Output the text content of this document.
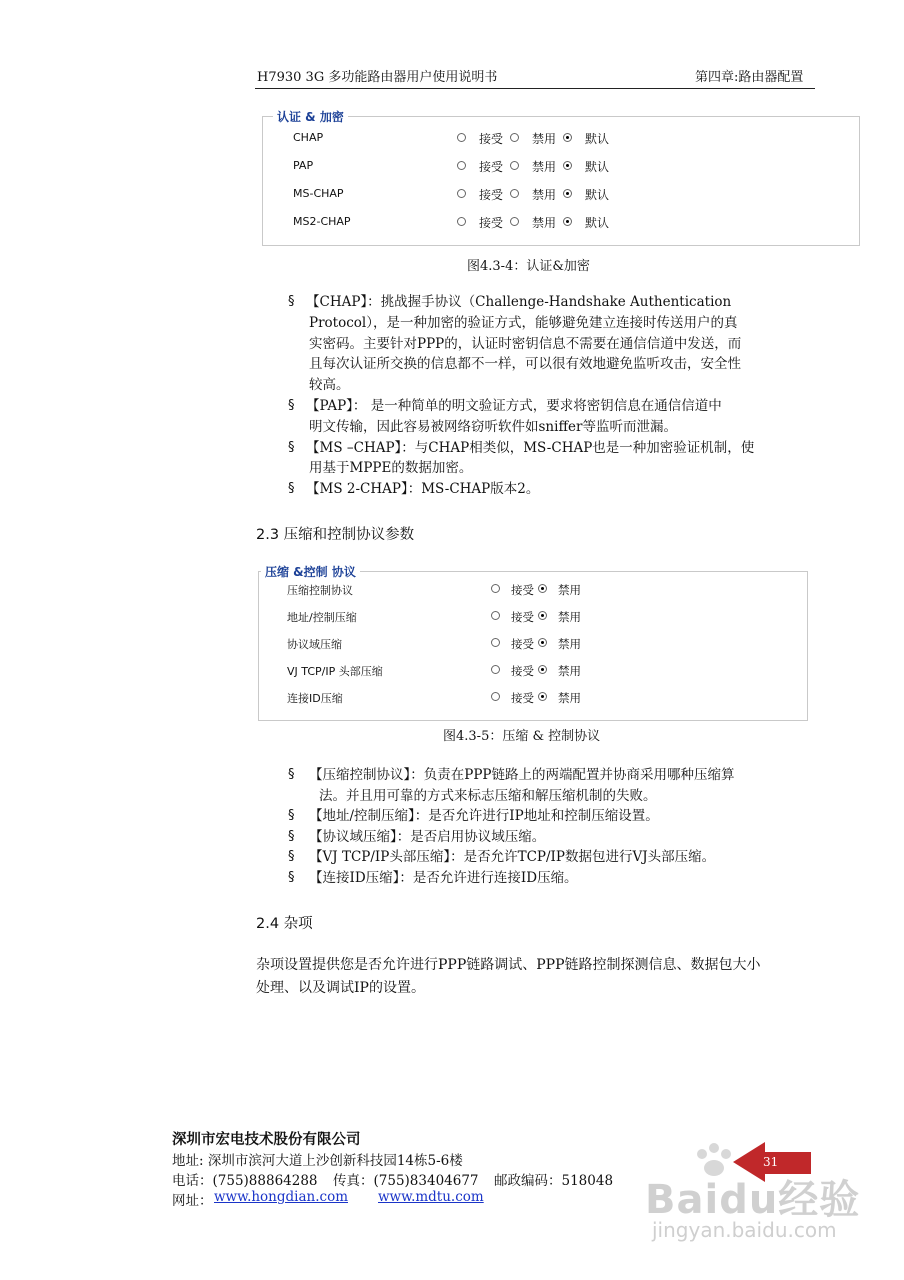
H7930 3G 多功能路由器用户使用说明书	第四章:路由器配置
认证 & 加密
CHAP	接受 禁用 默认
PAP	接受 禁用 默认
MS-CHAP	接受 禁用 默认
MS2-CHAP	接受 禁用 默认
图4.3-4：认证&加密
§ 【CHAP】：挑战握手协议（Challenge-Handshake Authentication
Protocol），是一种加密的验证方式，能够避免建立连接时传送用户的真
实密码。主要针对PPP的，认证时密钥信息不需要在通信信道中发送，而
且每次认证所交换的信息都不一样，可以很有效地避免监听攻击，安全性
较高。
§ 【PAP】： 是一种简单的明文验证方式，要求将密钥信息在通信信道中
明文传输，因此容易被网络窃听软件如sniffer等监听而泄漏。
§ 【MS –CHAP】：与CHAP相类似，MS-CHAP也是一种加密验证机制，使
用基于MPPE的数据加密。
§ 【MS 2-CHAP】：MS-CHAP版本2。
2.3 压缩和控制协议参数
压缩 &控制 协议
压缩控制协议	接受 禁用
地址/控制压缩	接受 禁用
协议域压缩	接受 禁用
VJ TCP/IP 头部压缩	接受 禁用
连接ID压缩	接受 禁用
图4.3-5：压缩 & 控制协议
§ 【压缩控制协议】：负责在PPP链路上的两端配置并协商采用哪种压缩算
法。并且用可靠的方式来标志压缩和解压缩机制的失败。
§ 【地址/控制压缩】：是否允许进行IP地址和控制压缩设置。
§ 【协议域压缩】：是否启用协议域压缩。
§ 【VJ TCP/IP头部压缩】：是否允许TCP/IP数据包进行VJ头部压缩。
§ 【连接ID压缩】：是否允许进行连接ID压缩。
2.4 杂项
杂项设置提供您是否允许进行PPP链路调试、PPP链路控制探测信息、数据包大小
处理、以及调试IP的设置。
深圳市宏电技术股份有限公司
地址: 深圳市滨河大道上沙创新科技园14栋5-6楼
电话：(755)88864288 传真：(755)83404677 邮政编码：518048
网址： www.hongdian.com www.mdtu.com
31
Baidu经验
jingyan.baidu.com
